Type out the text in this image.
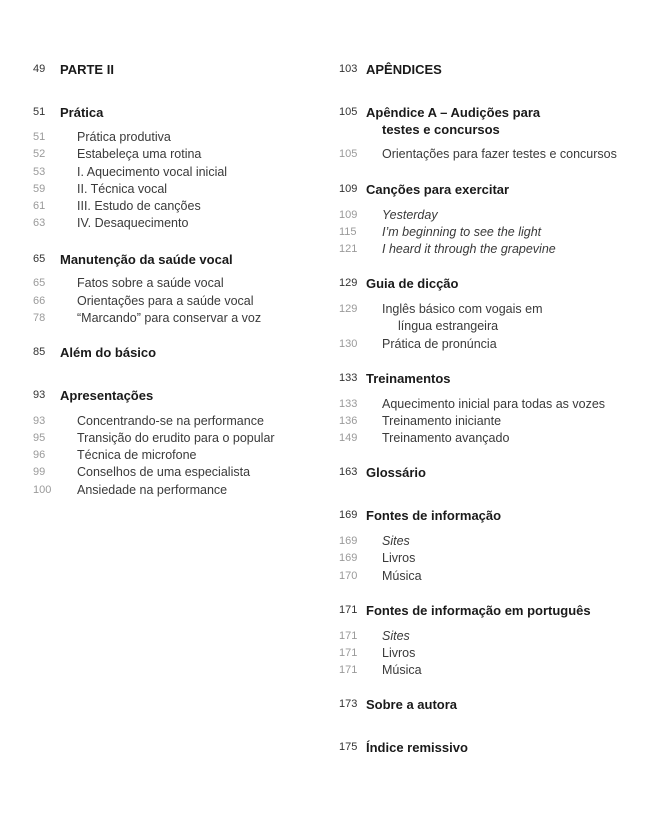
49 PARTE II
51 Prática
51	Prática produtiva
52	Estabeleça uma rotina
53	I. Aquecimento vocal inicial
59	II. Técnica vocal
61	III. Estudo de canções
63	IV. Desaquecimento
65 Manutenção da saúde vocal
65	Fatos sobre a saúde vocal
66	Orientações para a saúde vocal
78	“Marcando” para conservar a voz
85 Além do básico
93 Apresentações
93	Concentrando-se na performance
95	Transição do erudito para o popular
96	Técnica de microfone
99	Conselhos de uma especialista
100 Ansiedade na performance
103 APÊNDICES
105 Apêndice A – Audições para
testes e concursos
105 Orientações para fazer testes e concursos
109 Canções para exercitar
109 Yesterday
115 I’m beginning to see the light
121 I heard it through the grapevine
129 Guia de dicção
129 Inglês básico com vogais em
língua estrangeira
130 Prática de pronúncia
133 Treinamentos
133 Aquecimento inicial para todas as vozes
136 Treinamento iniciante
149 Treinamento avançado
163 Glossário
169 Fontes de informação
169 Sites
169 Livros
170 Música
171 Fontes de informação em português
171 Sites
171 Livros
171 Música
173 Sobre a autora
175 Índice remissivo
